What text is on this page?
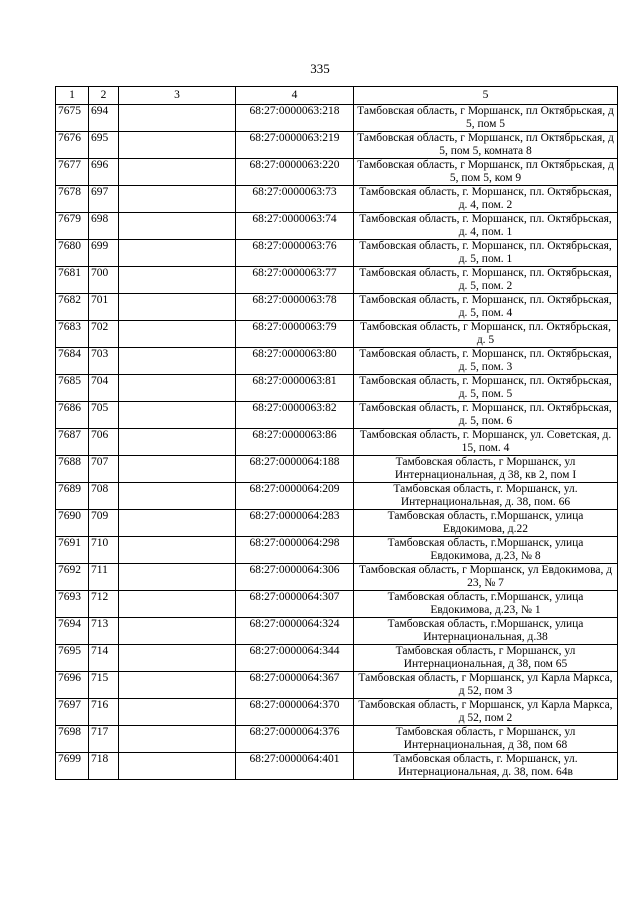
335
1	2	3	4	5
7675	694		68:27:0000063:218	Тамбовская область, г Моршанск, пл Октябрьская, д 5, пом 5
7676	695		68:27:0000063:219	Тамбовская область, г Моршанск, пл Октябрьская, д 5, пом 5, комната 8
7677	696		68:27:0000063:220	Тамбовская область, г Моршанск, пл Октябрьская, д 5, пом 5, ком 9
7678	697		68:27:0000063:73	Тамбовская область, г. Моршанск, пл. Октябрьская, д. 4, пом. 2
7679	698		68:27:0000063:74	Тамбовская область, г. Моршанск, пл. Октябрьская, д. 4, пом. 1
7680	699		68:27:0000063:76	Тамбовская область, г. Моршанск, пл. Октябрьская, д. 5, пом. 1
7681	700		68:27:0000063:77	Тамбовская область, г. Моршанск, пл. Октябрьская, д. 5, пом. 2
7682	701		68:27:0000063:78	Тамбовская область, г. Моршанск, пл. Октябрьская, д. 5, пом. 4
7683	702		68:27:0000063:79	Тамбовская область, г Моршанск, пл. Октябрьская, д. 5
7684	703		68:27:0000063:80	Тамбовская область, г. Моршанск, пл. Октябрьская, д. 5, пом. 3
7685	704		68:27:0000063:81	Тамбовская область, г. Моршанск, пл. Октябрьская, д. 5, пом. 5
7686	705		68:27:0000063:82	Тамбовская область, г. Моршанск, пл. Октябрьская, д. 5, пом. 6
7687	706		68:27:0000063:86	Тамбовская область, г. Моршанск, ул. Советская, д. 15, пом. 4
7688	707		68:27:0000064:188	Тамбовская область, г Моршанск, ул Интернациональная, д 38, кв 2, пом I
7689	708		68:27:0000064:209	Тамбовская область, г. Моршанск, ул. Интернациональная, д. 38, пом. 66
7690	709		68:27:0000064:283	Тамбовская область, г.Моршанск, улица Евдокимова, д.22
7691	710		68:27:0000064:298	Тамбовская область, г.Моршанск, улица Евдокимова, д.23, № 8
7692	711		68:27:0000064:306	Тамбовская область, г Моршанск, ул Евдокимова, д 23, № 7
7693	712		68:27:0000064:307	Тамбовская область, г.Моршанск, улица Евдокимова, д.23, № 1
7694	713		68:27:0000064:324	Тамбовская область, г.Моршанск, улица Интернациональная, д.38
7695	714		68:27:0000064:344	Тамбовская область, г Моршанск, ул Интернациональная, д 38, пом 65
7696	715		68:27:0000064:367	Тамбовская область, г Моршанск, ул Карла Маркса, д 52, пом 3
7697	716		68:27:0000064:370	Тамбовская область, г Моршанск, ул Карла Маркса, д 52, пом 2
7698	717		68:27:0000064:376	Тамбовская область, г Моршанск, ул Интернациональная, д 38, пом 68
7699	718		68:27:0000064:401	Тамбовская область, г. Моршанск, ул. Интернациональная, д. 38, пом. 64в
